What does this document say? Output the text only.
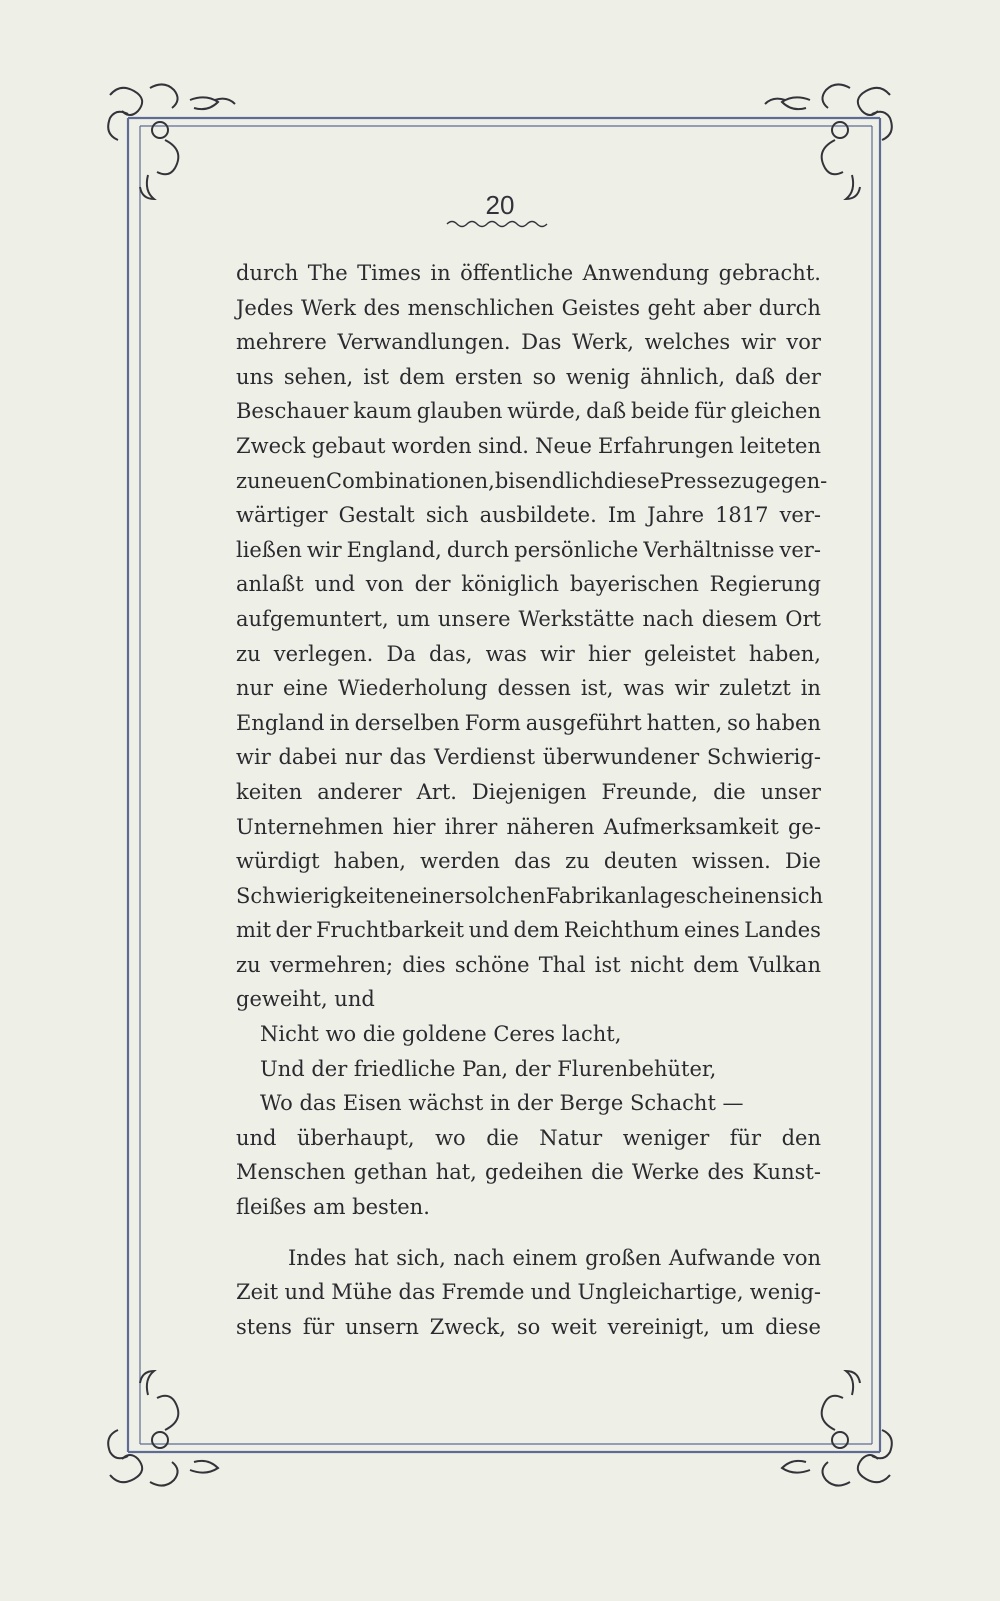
20
durch The Times in öffentliche Anwendung gebracht.
Jedes Werk des menschlichen Geistes geht aber durch
mehrere Verwandlungen. Das Werk, welches wir vor
uns sehen, ist dem ersten so wenig ähnlich, daß der
Beschauer kaum glauben würde, daß beide für gleichen
Zweck gebaut worden sind. Neue Erfahrungen leiteten
zu neuen Combinationen, bis endlich diese Presse zu gegen-
wärtiger Gestalt sich ausbildete. Im Jahre 1817 ver-
ließen wir England, durch persönliche Verhältnisse ver-
anlaßt und von der königlich bayerischen Regierung
aufgemuntert, um unsere Werkstätte nach diesem Ort
zu verlegen. Da das, was wir hier geleistet haben,
nur eine Wiederholung dessen ist, was wir zuletzt in
England in derselben Form ausgeführt hatten, so haben
wir dabei nur das Verdienst überwundener Schwierig-
keiten anderer Art. Diejenigen Freunde, die unser
Unternehmen hier ihrer näheren Aufmerksamkeit ge-
würdigt haben, werden das zu deuten wissen. Die
Schwierigkeiten einer solchen Fabrikanlage scheinen sich
mit der Fruchtbarkeit und dem Reichthum eines Landes
zu vermehren; dies schöne Thal ist nicht dem Vulkan
geweiht, und
Nicht wo die goldene Ceres lacht,
Und der friedliche Pan, der Flurenbehüter,
Wo das Eisen wächst in der Berge Schacht —
und überhaupt, wo die Natur weniger für den
Menschen gethan hat, gedeihen die Werke des Kunst-
fleißes am besten.
Indes hat sich, nach einem großen Aufwande von
Zeit und Mühe das Fremde und Ungleichartige, wenig-
stens für unsern Zweck, so weit vereinigt, um diese
